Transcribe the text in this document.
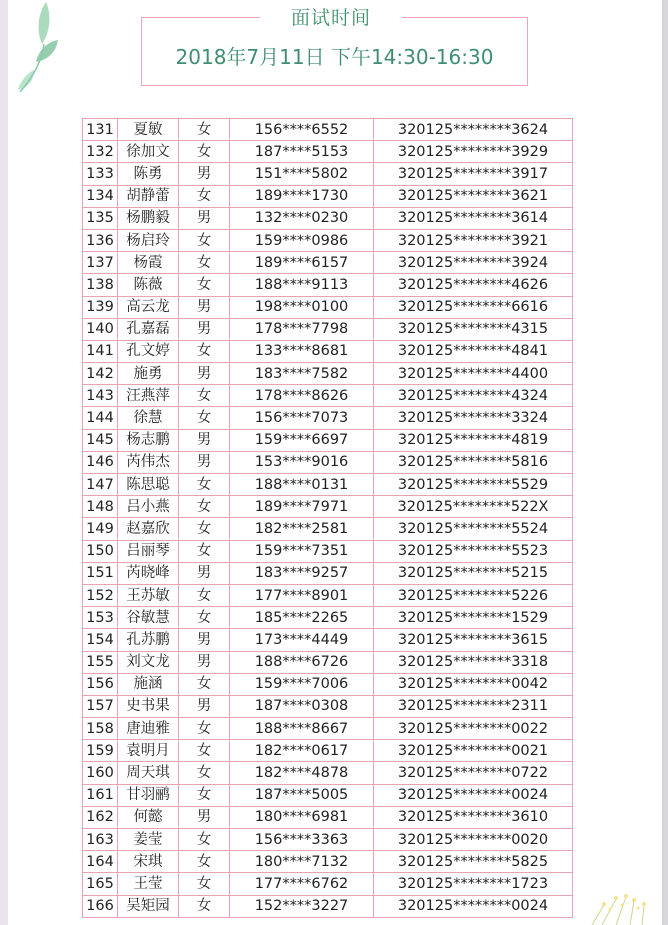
面试时间
2018年7月11日 下午14:30-16:30
131	夏敏	女	156****6552	320125********3624
132	徐加文	女	187****5153	320125********3929
133	陈勇	男	151****5802	320125********3917
134	胡静蕾	女	189****1730	320125********3621
135	杨鹏毅	男	132****0230	320125********3614
136	杨启玲	女	159****0986	320125********3921
137	杨霞	女	189****6157	320125********3924
138	陈薇	女	188****9113	320125********4626
139	高云龙	男	198****0100	320125********6616
140	孔嘉磊	男	178****7798	320125********4315
141	孔文婷	女	133****8681	320125********4841
142	施勇	男	183****7582	320125********4400
143	汪燕萍	女	178****8626	320125********4324
144	徐慧	女	156****7073	320125********3324
145	杨志鹏	男	159****6697	320125********4819
146	芮伟杰	男	153****9016	320125********5816
147	陈思聪	女	188****0131	320125********5529
148	吕小燕	女	189****7971	320125********522X
149	赵嘉欣	女	182****2581	320125********5524
150	吕丽琴	女	159****7351	320125********5523
151	芮晓峰	男	183****9257	320125********5215
152	王苏敏	女	177****8901	320125********5226
153	谷敏慧	女	185****2265	320125********1529
154	孔苏鹏	男	173****4449	320125********3615
155	刘文龙	男	188****6726	320125********3318
156	施涵	女	159****7006	320125********0042
157	史书果	男	187****0308	320125********2311
158	唐迪雅	女	188****8667	320125********0022
159	袁明月	女	182****0617	320125********0021
160	周天琪	女	182****4878	320125********0722
161	甘羽鹂	女	187****5005	320125********0024
162	何懿	男	180****6981	320125********3610
163	姜莹	女	156****3363	320125********0020
164	宋琪	女	180****7132	320125********5825
165	王莹	女	177****6762	320125********1723
166	吴矩园	女	152****3227	320125********0024
